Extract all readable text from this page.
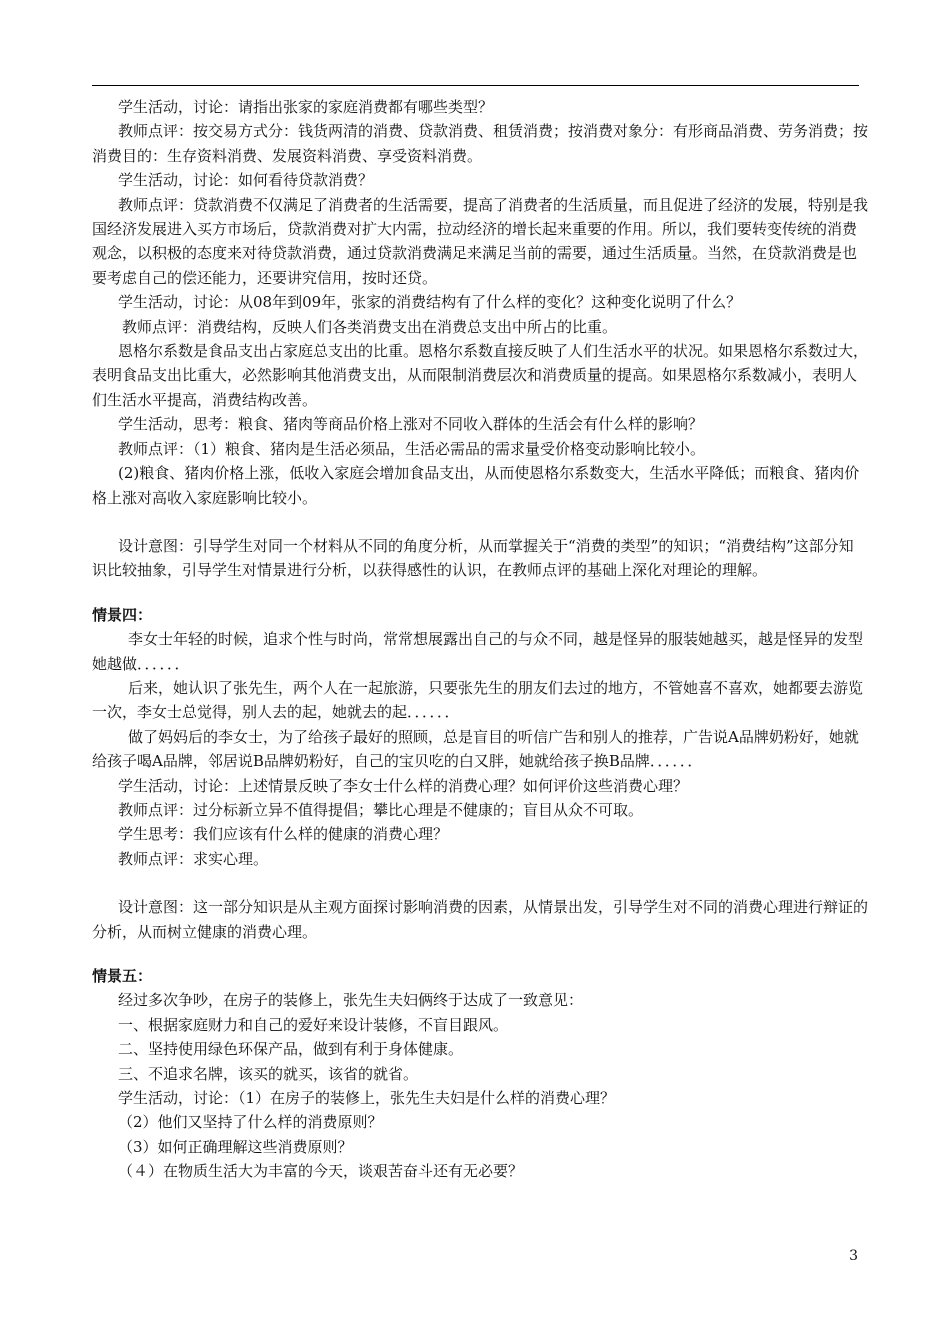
学生活动，讨论：请指出张家的家庭消费都有哪些类型？

教师点评：按交易方式分：钱货两清的消费、贷款消费、租赁消费；按消费对象分：有形商品消费、劳务消费；按消费目的：生存资料消费、发展资料消费、享受资料消费。

学生活动，讨论：如何看待贷款消费？

教师点评：贷款消费不仅满足了消费者的生活需要，提高了消费者的生活质量，而且促进了经济的发展，特别是我国经济发展进入买方市场后，贷款消费对扩大内需，拉动经济的增长起来重要的作用。所以，我们要转变传统的消费观念，以积极的态度来对待贷款消费，通过贷款消费满足来满足当前的需要，通过生活质量。当然，在贷款消费是也要考虑自己的偿还能力，还要讲究信用，按时还贷。

学生活动，讨论：从08年到09年，张家的消费结构有了什么样的变化？这种变化说明了什么？

教师点评：消费结构，反映人们各类消费支出在消费总支出中所占的比重。

恩格尔系数是食品支出占家庭总支出的比重。恩格尔系数直接反映了人们生活水平的状况。如果恩格尔系数过大，表明食品支出比重大，必然影响其他消费支出，从而限制消费层次和消费质量的提高。如果恩格尔系数减小，表明人们生活水平提高，消费结构改善。

学生活动，思考：粮食、猪肉等商品价格上涨对不同收入群体的生活会有什么样的影响？

教师点评：（1）粮食、猪肉是生活必须品，生活必需品的需求量受价格变动影响比较小。

(2)粮食、猪肉价格上涨，低收入家庭会增加食品支出，从而使恩格尔系数变大，生活水平降低；而粮食、猪肉价格上涨对高收入家庭影响比较小。

设计意图：引导学生对同一个材料从不同的角度分析，从而掌握关于“消费的类型”的知识；“消费结构”这部分知识比较抽象，引导学生对情景进行分析，以获得感性的认识，在教师点评的基础上深化对理论的理解。

情景四：

李女士年轻的时候，追求个性与时尚，常常想展露出自己的与众不同，越是怪异的服装她越买，越是怪异的发型她越做．．．．．．

后来，她认识了张先生，两个人在一起旅游，只要张先生的朋友们去过的地方，不管她喜不喜欢，她都要去游览一次，李女士总觉得，别人去的起，她就去的起．．．．．．

做了妈妈后的李女士，为了给孩子最好的照顾，总是盲目的听信广告和别人的推荐，广告说A品牌奶粉好，她就给孩子喝A品牌，邻居说B品牌奶粉好，自己的宝贝吃的白又胖，她就给孩子换B品牌．．．．．．

学生活动，讨论：上述情景反映了李女士什么样的消费心理？如何评价这些消费心理？

教师点评：过分标新立异不值得提倡；攀比心理是不健康的；盲目从众不可取。

学生思考：我们应该有什么样的健康的消费心理？

教师点评：求实心理。

设计意图：这一部分知识是从主观方面探讨影响消费的因素，从情景出发，引导学生对不同的消费心理进行辩证的分析，从而树立健康的消费心理。

情景五：

经过多次争吵，在房子的装修上，张先生夫妇俩终于达成了一致意见：

一、根据家庭财力和自己的爱好来设计装修，不盲目跟风。

二、坚持使用绿色环保产品，做到有利于身体健康。

三、不追求名牌，该买的就买，该省的就省。

学生活动，讨论：（1）在房子的装修上，张先生夫妇是什么样的消费心理？

（2）他们又坚持了什么样的消费原则？

（3）如何正确理解这些消费原则？

（４）在物质生活大为丰富的今天，谈艰苦奋斗还有无必要？

3
